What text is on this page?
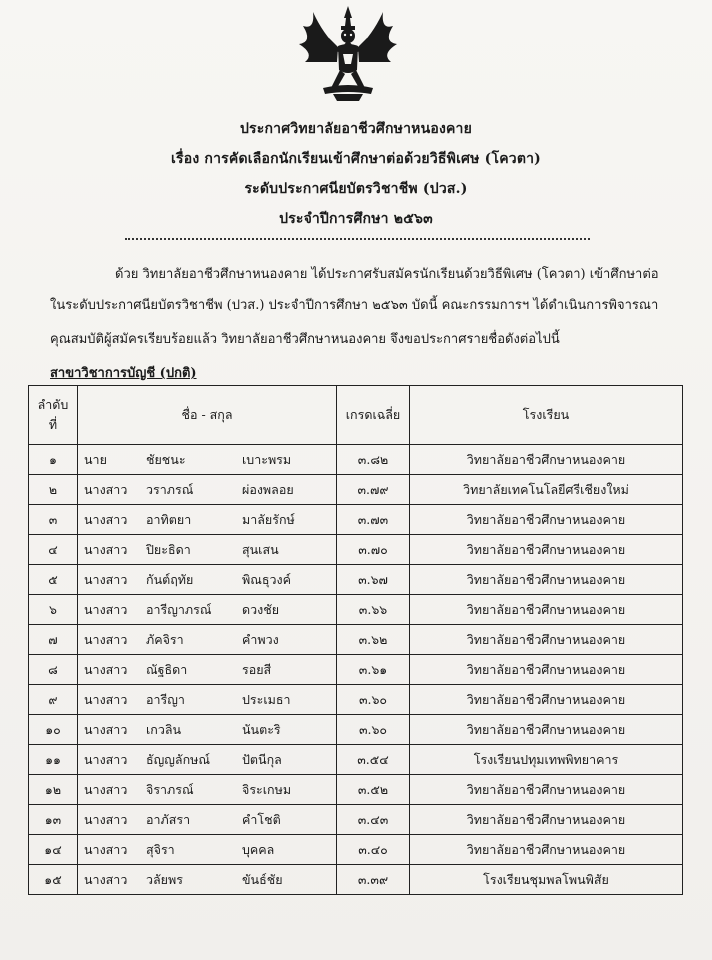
ประกาศวิทยาลัยอาชีวศึกษาหนองคาย
เรื่อง การคัดเลือกนักเรียนเข้าศึกษาต่อด้วยวิธีพิเศษ (โควตา)
ระดับประกาศนียบัตรวิชาชีพ (ปวส.)
ประจำปีการศึกษา ๒๕๖๓
ด้วย วิทยาลัยอาชีวศึกษาหนองคาย ได้ประกาศรับสมัครนักเรียนด้วยวิธีพิเศษ (โควตา) เข้าศึกษาต่อ
ในระดับประกาศนียบัตรวิชาชีพ (ปวส.) ประจำปีการศึกษา ๒๕๖๓ บัดนี้ คณะกรรมการฯ ได้ดำเนินการพิจารณา
คุณสมบัติผู้สมัครเรียบร้อยแล้ว วิทยาลัยอาชีวศึกษาหนองคาย จึงขอประกาศรายชื่อดังต่อไปนี้
สาขาวิชาการบัญชี (ปกติ)
ลำดับ
ที่	ชื่อ - สกุล			เกรดเฉลี่ย	โรงเรียน
๑	นาย	ชัยชนะ	เบาะพรม	๓.๘๒	วิทยาลัยอาชีวศึกษาหนองคาย
๒	นางสาว	วราภรณ์	ผ่องพลอย	๓.๗๙	วิทยาลัยเทคโนโลยีศรีเชียงใหม่
๓	นางสาว	อาทิตยา	มาลัยรักษ์	๓.๗๓	วิทยาลัยอาชีวศึกษาหนองคาย
๔	นางสาว	ปิยะธิดา	สุนเสน	๓.๗๐	วิทยาลัยอาชีวศึกษาหนองคาย
๕	นางสาว	กันต์ฤทัย	พิณธุวงค์	๓.๖๗	วิทยาลัยอาชีวศึกษาหนองคาย
๖	นางสาว	อารีญาภรณ์	ดวงชัย	๓.๖๖	วิทยาลัยอาชีวศึกษาหนองคาย
๗	นางสาว	ภัคจิรา	คำพวง	๓.๖๒	วิทยาลัยอาชีวศึกษาหนองคาย
๘	นางสาว	ณัฐธิดา	รอยสี	๓.๖๑	วิทยาลัยอาชีวศึกษาหนองคาย
๙	นางสาว	อารีญา	ประเมธา	๓.๖๐	วิทยาลัยอาชีวศึกษาหนองคาย
๑๐	นางสาว	เกวลิน	นันตะริ	๓.๖๐	วิทยาลัยอาชีวศึกษาหนองคาย
๑๑	นางสาว	ธัญญลักษณ์	ปัตนีกุล	๓.๕๔	โรงเรียนปทุมเทพพิทยาคาร
๑๒	นางสาว	จิราภรณ์	จิระเกษม	๓.๕๒	วิทยาลัยอาชีวศึกษาหนองคาย
๑๓	นางสาว	อาภัสรา	คำโชติ	๓.๔๓	วิทยาลัยอาชีวศึกษาหนองคาย
๑๔	นางสาว	สุจิรา	บุคคล	๓.๔๐	วิทยาลัยอาชีวศึกษาหนองคาย
๑๕	นางสาว	วลัยพร	ขันธ์ชัย	๓.๓๙	โรงเรียนชุมพลโพนพิสัย
